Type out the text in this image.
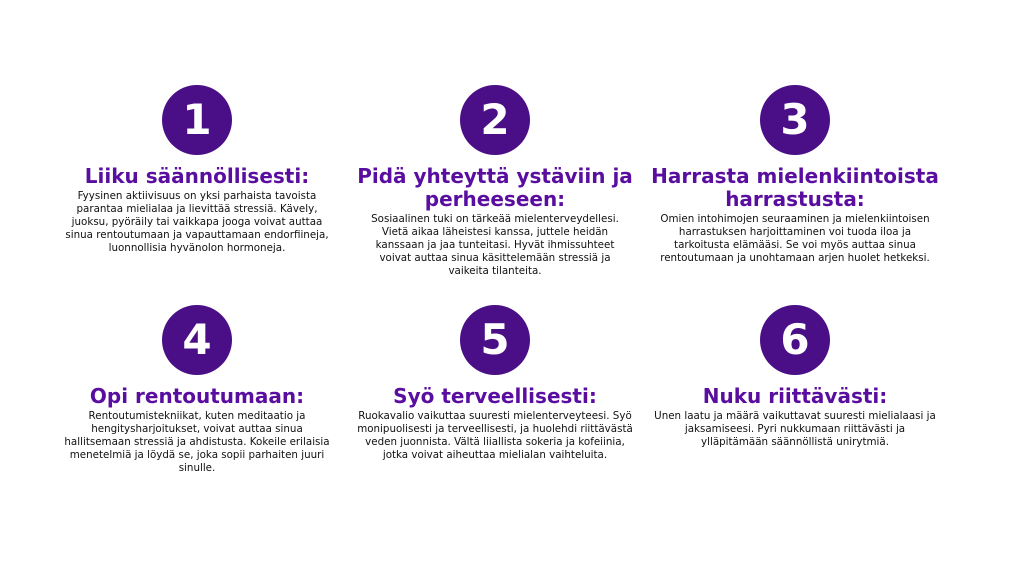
1
Liiku säännöllisesti:
Fyysinen aktiivisuus on yksi parhaista tavoista parantaa mielialaa ja lievittää stressiä. Kävely, juoksu, pyöräily tai vaikkapa jooga voivat auttaa sinua rentoutumaan ja vapauttamaan endorfiineja, luonnollisia hyvänolon hormoneja.
2
Pidä yhteyttä ystäviin ja perheeseen:
Sosiaalinen tuki on tärkeää mielenterveydellesi. Vietä aikaa läheistesi kanssa, juttele heidän kanssaan ja jaa tunteitasi. Hyvät ihmissuhteet voivat auttaa sinua käsittelemään stressiä ja vaikeita tilanteita.
3
Harrasta mielenkiintoista harrastusta:
Omien intohimojen seuraaminen ja mielenkiintoisen harrastuksen harjoittaminen voi tuoda iloa ja tarkoitusta elämääsi. Se voi myös auttaa sinua rentoutumaan ja unohtamaan arjen huolet hetkeksi.
4
Opi rentoutumaan:
Rentoutumistekniikat, kuten meditaatio ja hengitysharjoitukset, voivat auttaa sinua hallitsemaan stressiä ja ahdistusta. Kokeile erilaisia menetelmiä ja löydä se, joka sopii parhaiten juuri sinulle.
5
Syö terveellisesti:
Ruokavalio vaikuttaa suuresti mielenterveyteesi. Syö monipuolisesti ja terveellisesti, ja huolehdi riittävästä veden juonnista. Vältä liiallista sokeria ja kofeiinia, jotka voivat aiheuttaa mielialan vaihteluita.
6
Nuku riittävästi:
Unen laatu ja määrä vaikuttavat suuresti mielialaasi ja jaksamiseesi. Pyri nukkumaan riittävästi ja ylläpitämään säännöllistä unirytmiä.
